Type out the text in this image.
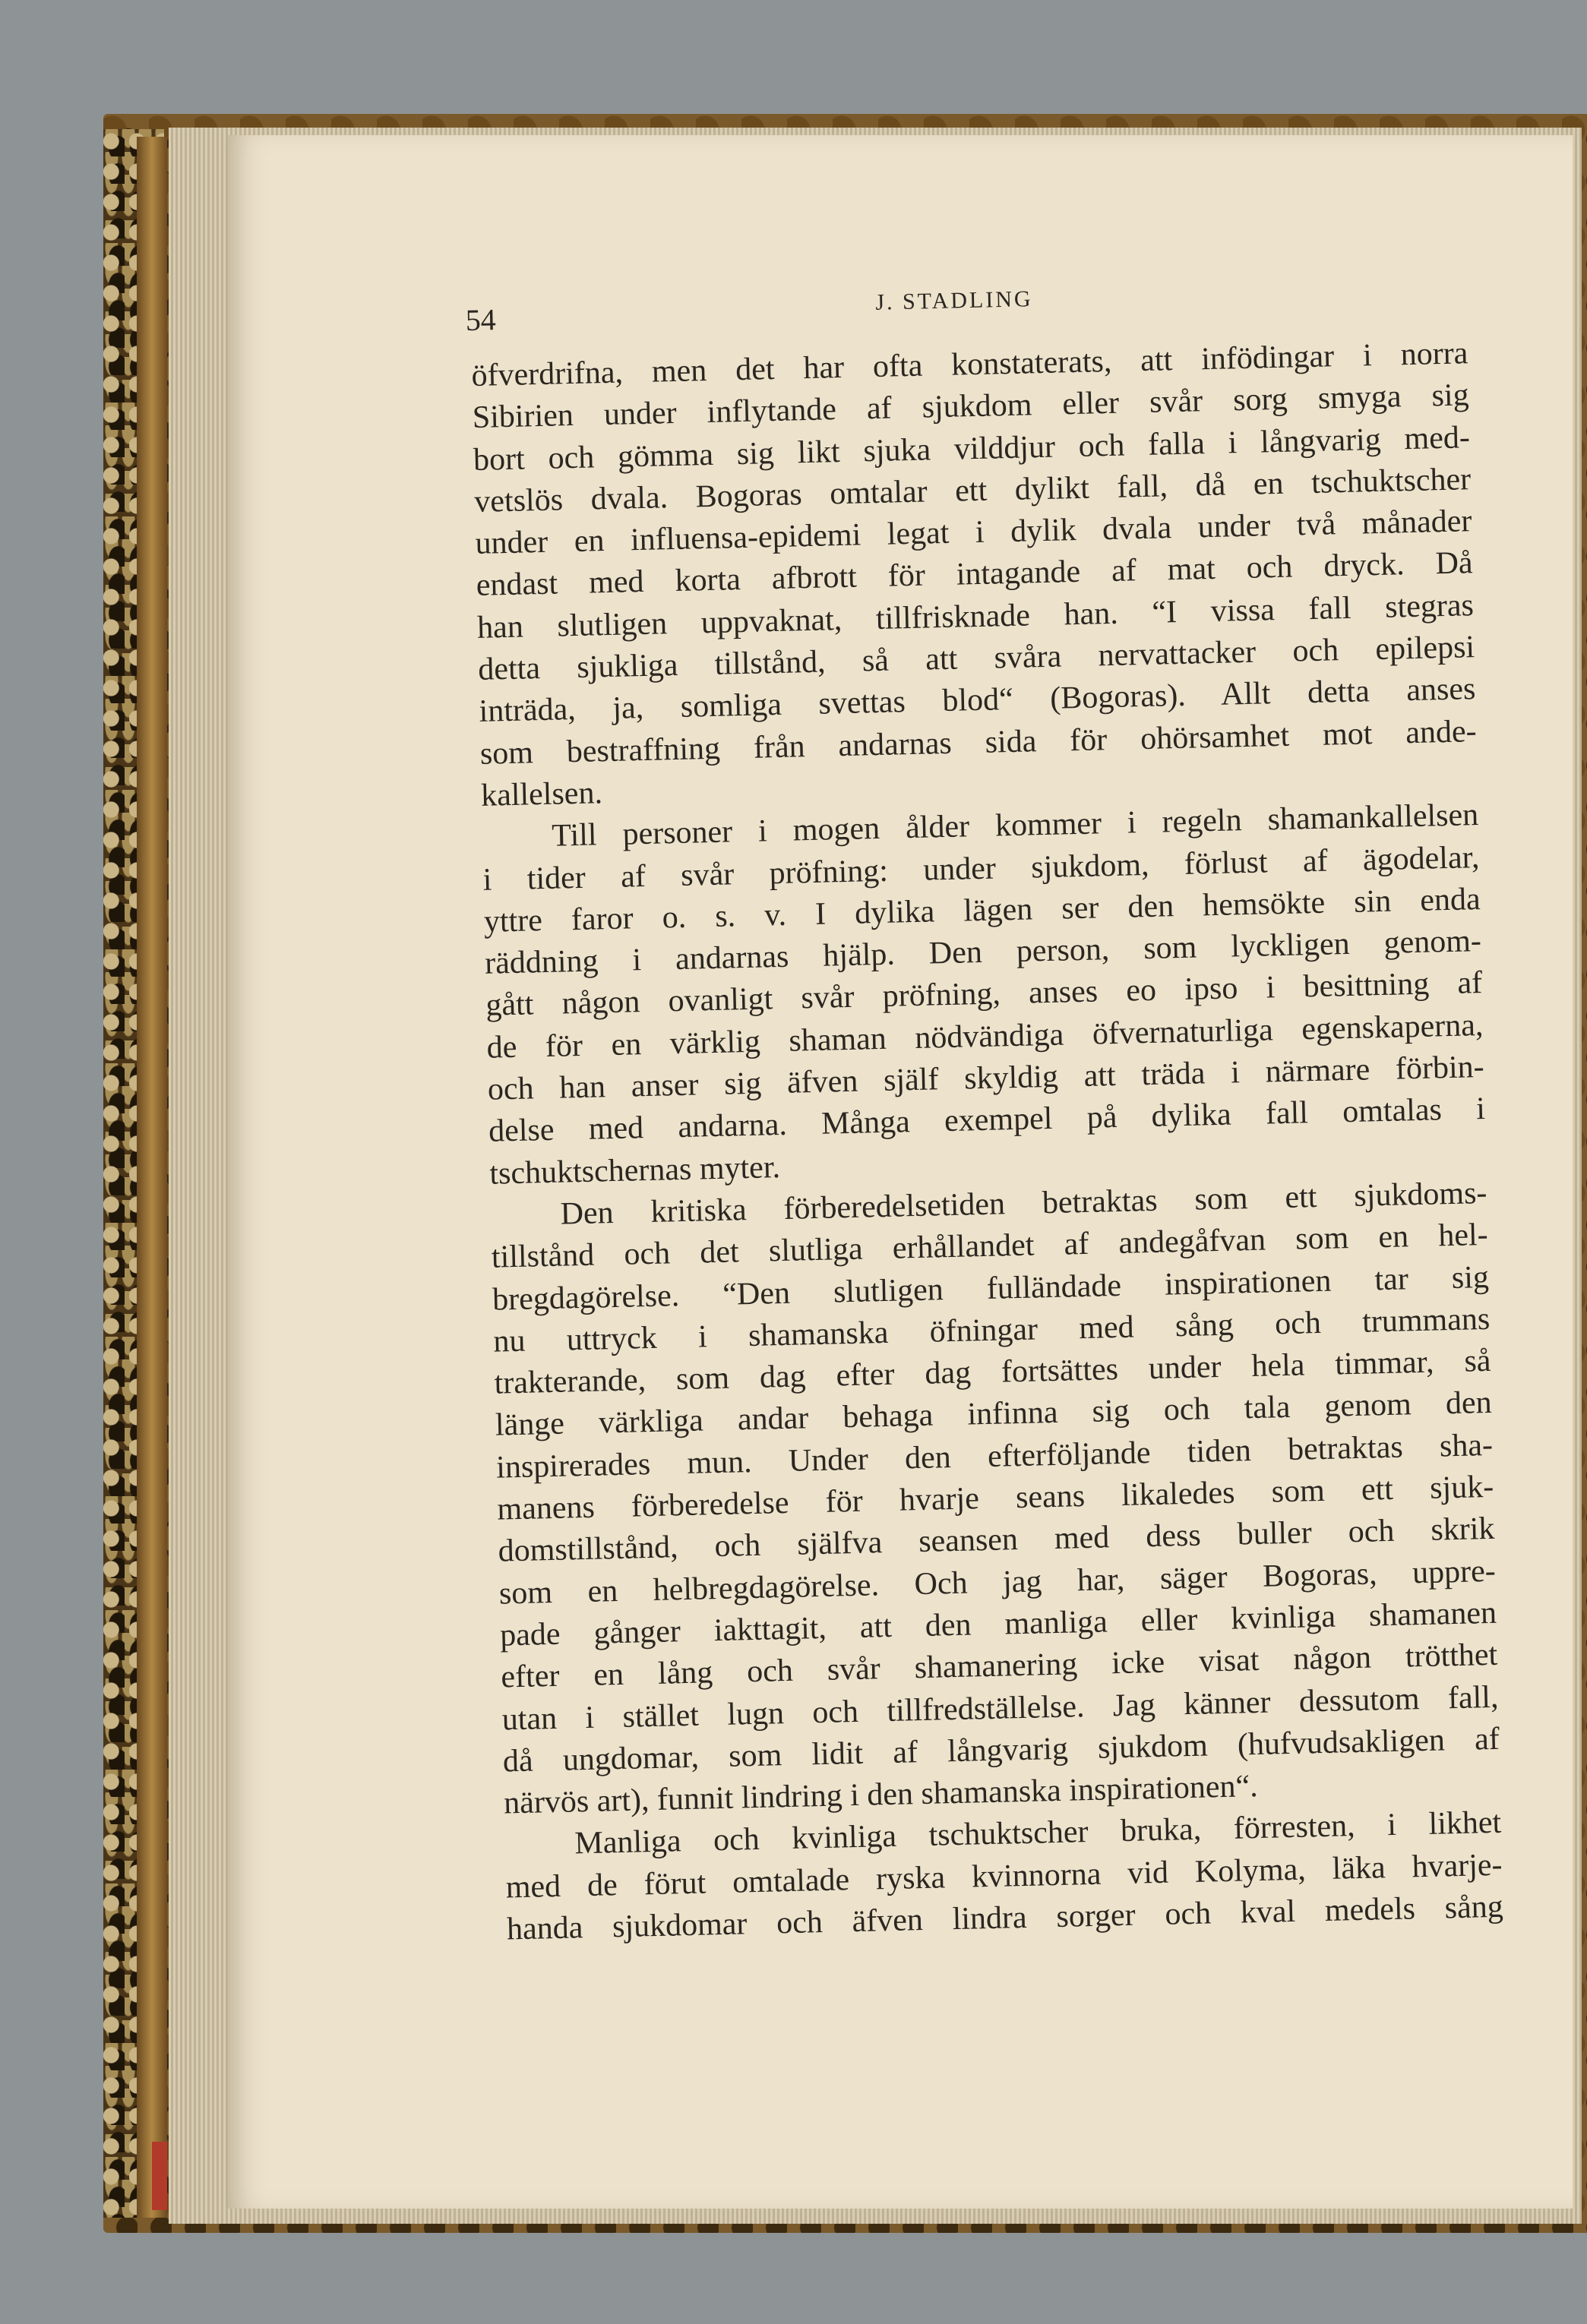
54
J. STADLING
öfverdrifna, men det har ofta konstaterats, att infödingar i norra
Sibirien under inflytande af sjukdom eller svår sorg smyga sig
bort och gömma sig likt sjuka vilddjur och falla i långvarig med-
vetslös dvala. Bogoras omtalar ett dylikt fall, då en tschuktscher
under en influensa-epidemi legat i dylik dvala under två månader
endast med korta afbrott för intagande af mat och dryck. Då
han slutligen uppvaknat, tillfrisknade han. “I vissa fall stegras
detta sjukliga tillstånd, så att svåra nervattacker och epilepsi
inträda, ja, somliga svettas blod“ (Bogoras). Allt detta anses
som bestraffning från andarnas sida för ohörsamhet mot ande-
kallelsen.
Till personer i mogen ålder kommer i regeln shamankallelsen
i tider af svår pröfning: under sjukdom, förlust af ägodelar,
yttre faror o. s. v. I dylika lägen ser den hemsökte sin enda
räddning i andarnas hjälp. Den person, som lyckligen genom-
gått någon ovanligt svår pröfning, anses eo ipso i besittning af
de för en värklig shaman nödvändiga öfvernaturliga egenskaperna,
och han anser sig äfven själf skyldig att träda i närmare förbin-
delse med andarna. Många exempel på dylika fall omtalas i
tschuktschernas myter.
Den kritiska förberedelsetiden betraktas som ett sjukdoms-
tillstånd och det slutliga erhållandet af andegåfvan som en hel-
bregdagörelse. “Den slutligen fulländade inspirationen tar sig
nu uttryck i shamanska öfningar med sång och trummans
trakterande, som dag efter dag fortsättes under hela timmar, så
länge värkliga andar behaga infinna sig och tala genom den
inspirerades mun. Under den efterföljande tiden betraktas sha-
manens förberedelse för hvarje seans likaledes som ett sjuk-
domstillstånd, och själfva seansen med dess buller och skrik
som en helbregdagörelse. Och jag har, säger Bogoras, uppre-
pade gånger iakttagit, att den manliga eller kvinliga shamanen
efter en lång och svår shamanering icke visat någon trötthet
utan i stället lugn och tillfredställelse. Jag känner dessutom fall,
då ungdomar, som lidit af långvarig sjukdom (hufvudsakligen af
närvös art), funnit lindring i den shamanska inspirationen“.
Manliga och kvinliga tschuktscher bruka, förresten, i likhet
med de förut omtalade ryska kvinnorna vid Kolyma, läka hvarje-
handa sjukdomar och äfven lindra sorger och kval medels sång
